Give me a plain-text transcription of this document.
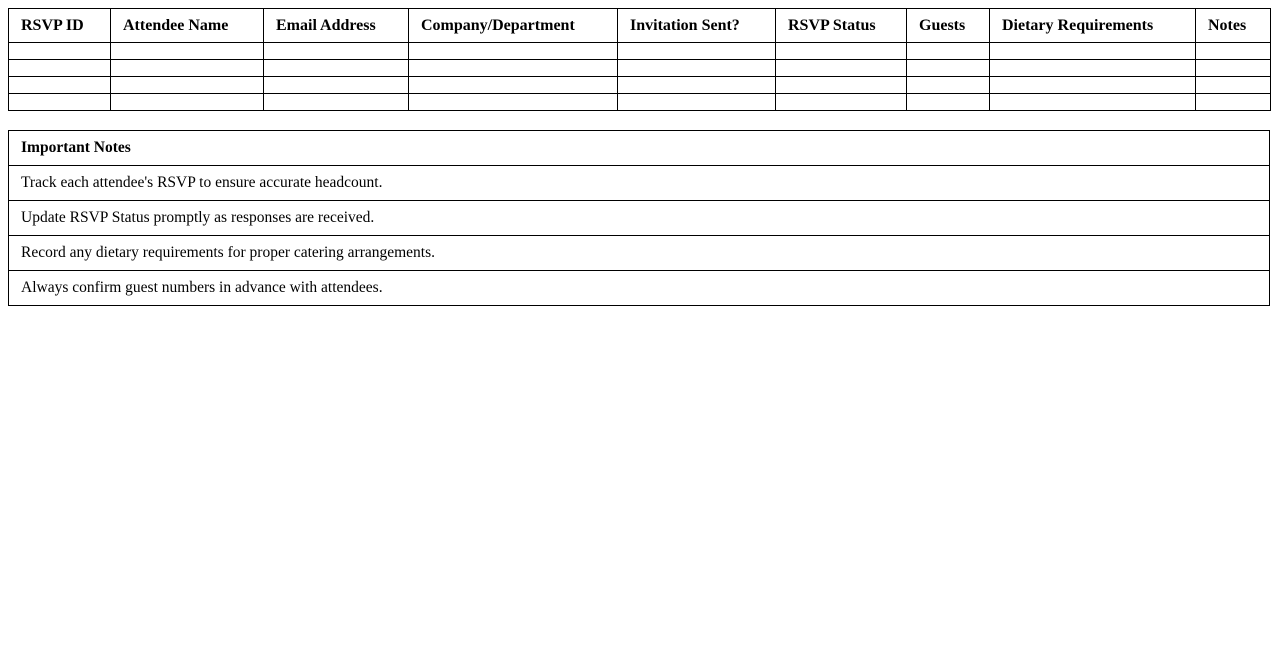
RSVP ID	Attendee Name	Email Address	Company/Department	Invitation Sent?	RSVP Status	Guests	Dietary Requirements	Notes

Important Notes
Track each attendee's RSVP to ensure accurate headcount.
Update RSVP Status promptly as responses are received.
Record any dietary requirements for proper catering arrangements.
Always confirm guest numbers in advance with attendees.
